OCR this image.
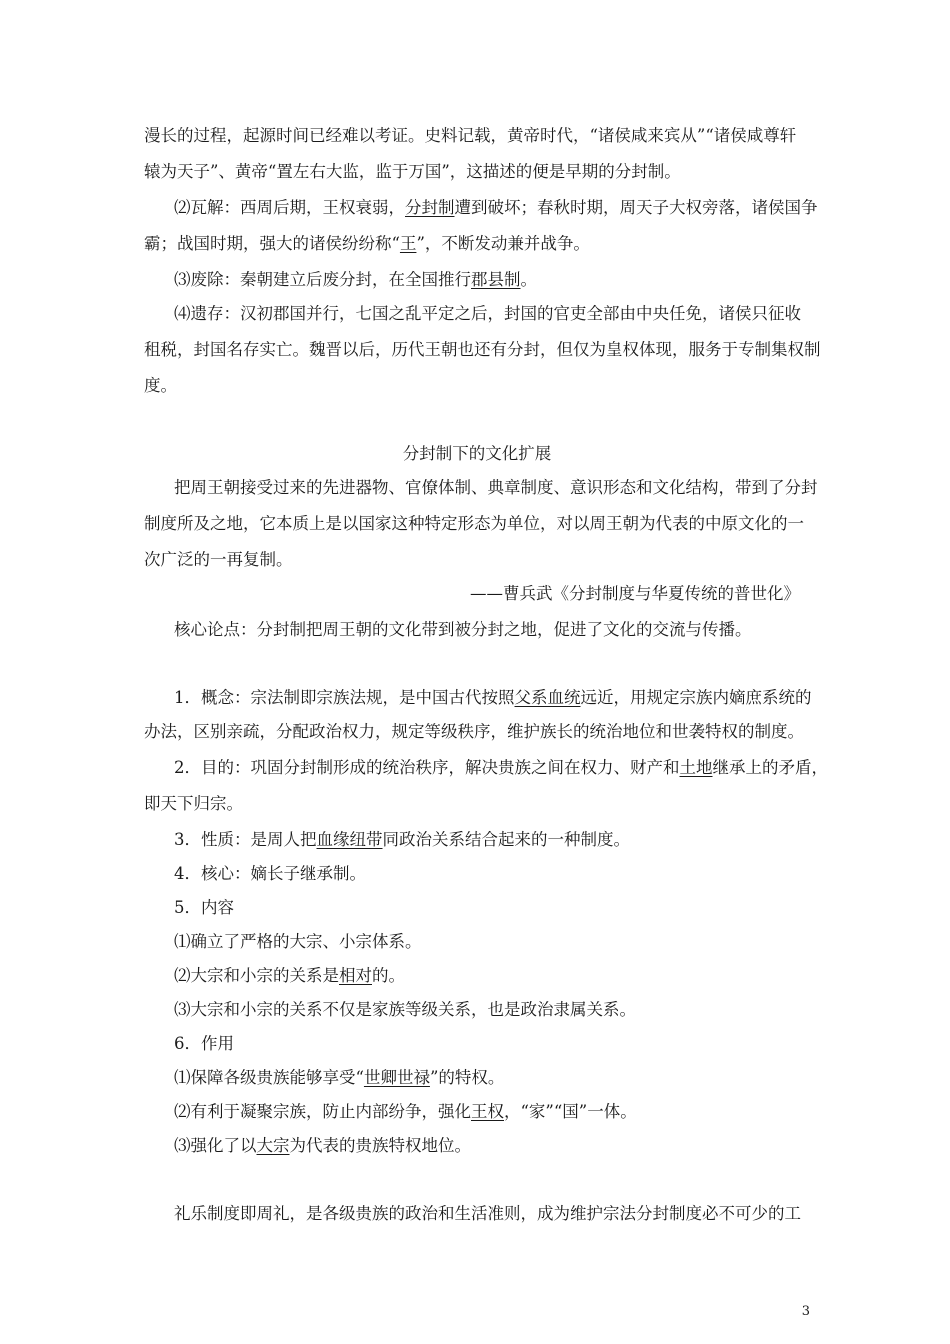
漫长的过程，起源时间已经难以考证。史料记载，黄帝时代，“诸侯咸来宾从”“诸侯咸尊轩
辕为天子”、黄帝“置左右大监，监于万国”，这描述的便是早期的分封制。
⑵瓦解：西周后期，王权衰弱，分封制遭到破坏；春秋时期，周天子大权旁落，诸侯国争
霸；战国时期，强大的诸侯纷纷称“王”，不断发动兼并战争。
⑶废除：秦朝建立后废分封，在全国推行郡县制。
⑷遗存：汉初郡国并行，七国之乱平定之后，封国的官吏全部由中央任免，诸侯只征收
租税，封国名存实亡。魏晋以后，历代王朝也还有分封，但仅为皇权体现，服务于专制集权制
度。
分封制下的文化扩展
把周王朝接受过来的先进器物、官僚体制、典章制度、意识形态和文化结构，带到了分封
制度所及之地，它本质上是以国家这种特定形态为单位，对以周王朝为代表的中原文化的一
次广泛的一再复制。
——曹兵武《分封制度与华夏传统的普世化》
核心论点：分封制把周王朝的文化带到被分封之地，促进了文化的交流与传播。
1．概念：宗法制即宗族法规，是中国古代按照父系血统远近，用规定宗族内嫡庶系统的
办法，区别亲疏，分配政治权力，规定等级秩序，维护族长的统治地位和世袭特权的制度。
2．目的：巩固分封制形成的统治秩序，解决贵族之间在权力、财产和土地继承上的矛盾，
即天下归宗。
3．性质：是周人把血缘纽带同政治关系结合起来的一种制度。
4．核心：嫡长子继承制。
5．内容
⑴确立了严格的大宗、小宗体系。
⑵大宗和小宗的关系是相对的。
⑶大宗和小宗的关系不仅是家族等级关系，也是政治隶属关系。
6．作用
⑴保障各级贵族能够享受“世卿世禄”的特权。
⑵有利于凝聚宗族，防止内部纷争，强化王权，“家”“国”一体。
⑶强化了以大宗为代表的贵族特权地位。
礼乐制度即周礼，是各级贵族的政治和生活准则，成为维护宗法分封制度必不可少的工
3
